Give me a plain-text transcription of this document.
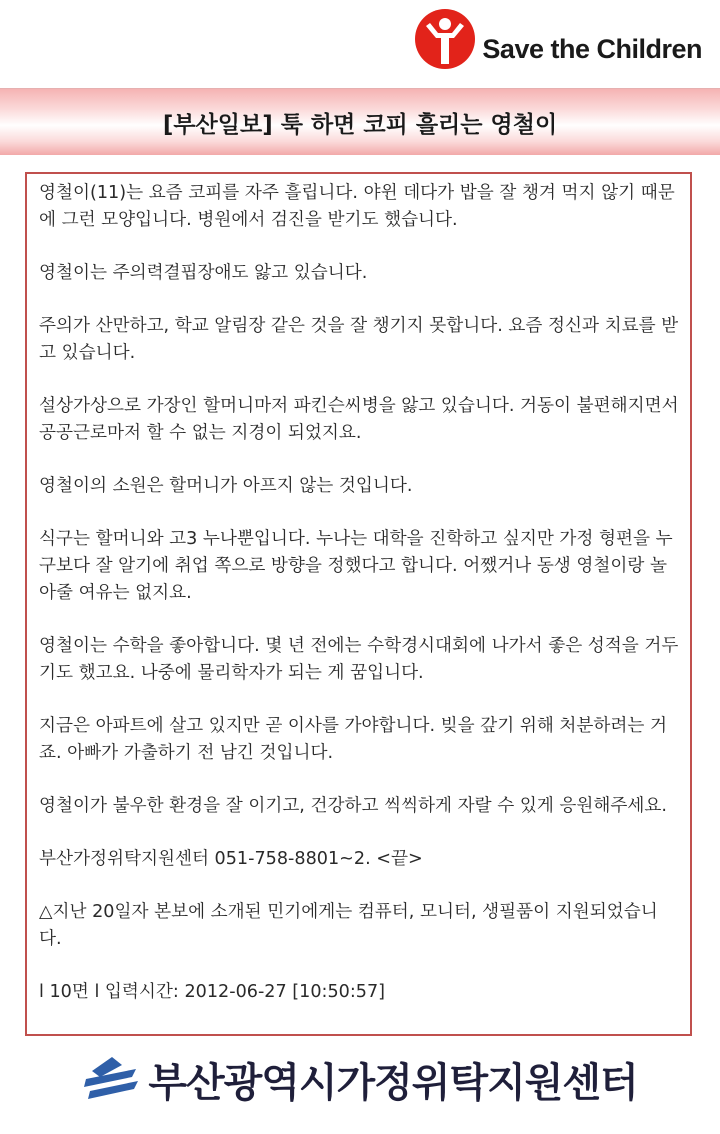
Save the Children
[부산일보] 툭 하면 코피 흘리는 영철이

영철이(11)는 요즘 코피를 자주 흘립니다. 야윈 데다가 밥을 잘 챙겨 먹지 않기 때문에 그런 모양입니다. 병원에서 검진을 받기도 했습니다.

영철이는 주의력결핍장애도 앓고 있습니다.

주의가 산만하고, 학교 알림장 같은 것을 잘 챙기지 못합니다. 요즘 정신과 치료를 받고 있습니다.

설상가상으로 가장인 할머니마저 파킨슨씨병을 앓고 있습니다. 거동이 불편해지면서 공공근로마저 할 수 없는 지경이 되었지요.

영철이의 소원은 할머니가 아프지 않는 것입니다.

식구는 할머니와 고3 누나뿐입니다. 누나는 대학을 진학하고 싶지만 가정 형편을 누구보다 잘 알기에 취업 쪽으로 방향을 정했다고 합니다. 어쨌거나 동생 영철이랑 놀아줄 여유는 없지요.

영철이는 수학을 좋아합니다. 몇 년 전에는 수학경시대회에 나가서 좋은 성적을 거두기도 했고요. 나중에 물리학자가 되는 게 꿈입니다.

지금은 아파트에 살고 있지만 곧 이사를 가야합니다. 빚을 갚기 위해 처분하려는 거죠. 아빠가 가출하기 전 남긴 것입니다.

영철이가 불우한 환경을 잘 이기고, 건강하고 씩씩하게 자랄 수 있게 응원해주세요.

부산가정위탁지원센터 051-758-8801~2. <끝>

△지난 20일자 본보에 소개된 민기에게는 컴퓨터, 모니터, 생필품이 지원되었습니다.

l 10면 l 입력시간: 2012-06-27 [10:50:57]

부산광역시가정위탁지원센터
